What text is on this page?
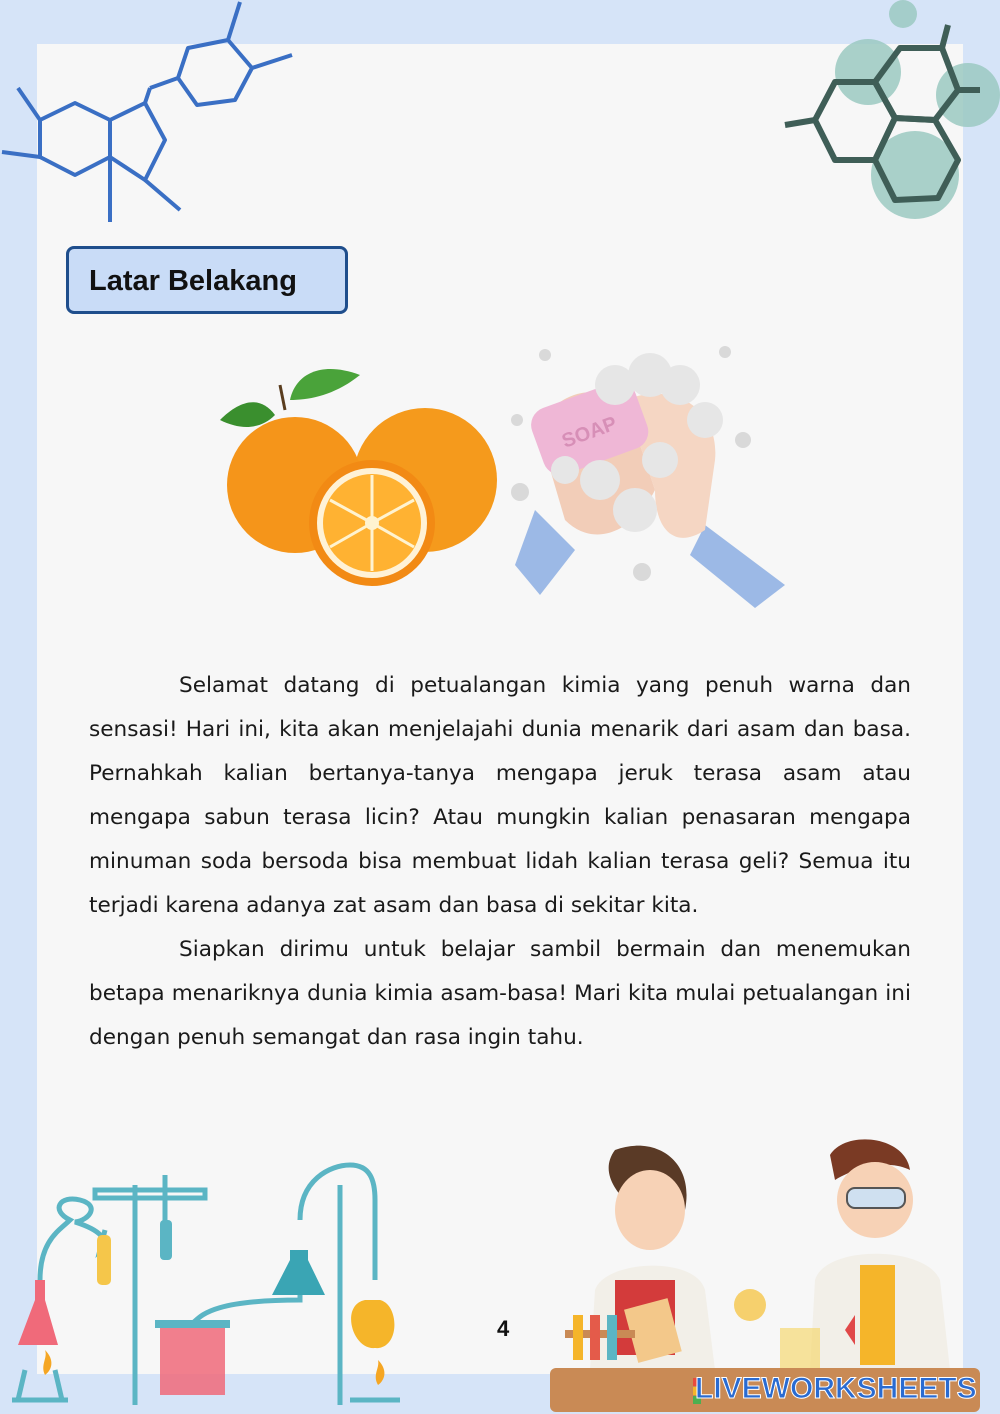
Latar Belakang
SOAP

Selamat datang di petualangan kimia yang penuh warna dan sensasi! Hari ini, kita akan menjelajahi dunia menarik dari asam dan basa. Pernahkah kalian bertanya-tanya mengapa jeruk terasa asam atau mengapa sabun terasa licin? Atau mungkin kalian penasaran mengapa minuman soda bersoda bisa membuat lidah kalian terasa geli? Semua itu terjadi karena adanya zat asam dan basa di sekitar kita.

Siapkan dirimu untuk belajar sambil bermain dan menemukan betapa menariknya dunia kimia asam-basa! Mari kita mulai petualangan ini dengan penuh semangat dan rasa ingin tahu.

4
LIVEWORKSHEETS
